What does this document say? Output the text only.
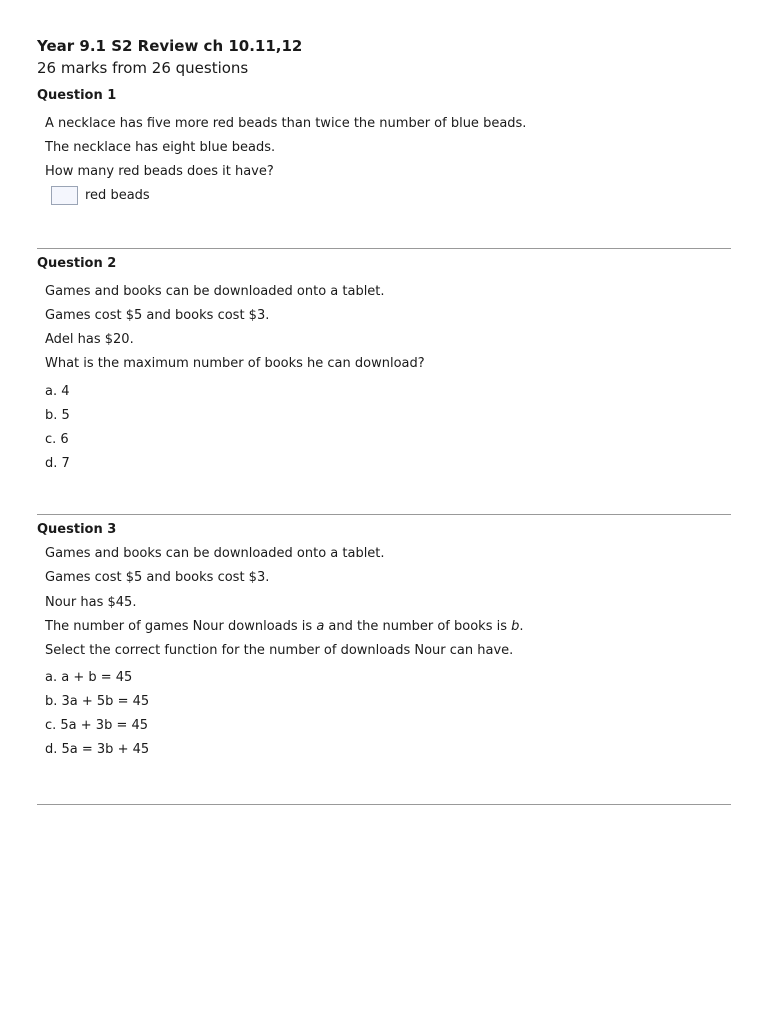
Year 9.1 S2 Review ch 10.11,12
26 marks from 26 questions
Question 1
A necklace has five more red beads than twice the number of blue beads.
The necklace has eight blue beads.
How many red beads does it have?
red beads
Question 2
Games and books can be downloaded onto a tablet.
Games cost $5 and books cost $3.
Adel has $20.
What is the maximum number of books he can download?
a. 4
b. 5
c. 6
d. 7
Question 3
Games and books can be downloaded onto a tablet.
Games cost $5 and books cost $3.
Nour has $45.
The number of games Nour downloads is a and the number of books is b.
Select the correct function for the number of downloads Nour can have.
a. a + b = 45
b. 3a + 5b = 45
c. 5a + 3b = 45
d. 5a = 3b + 45
